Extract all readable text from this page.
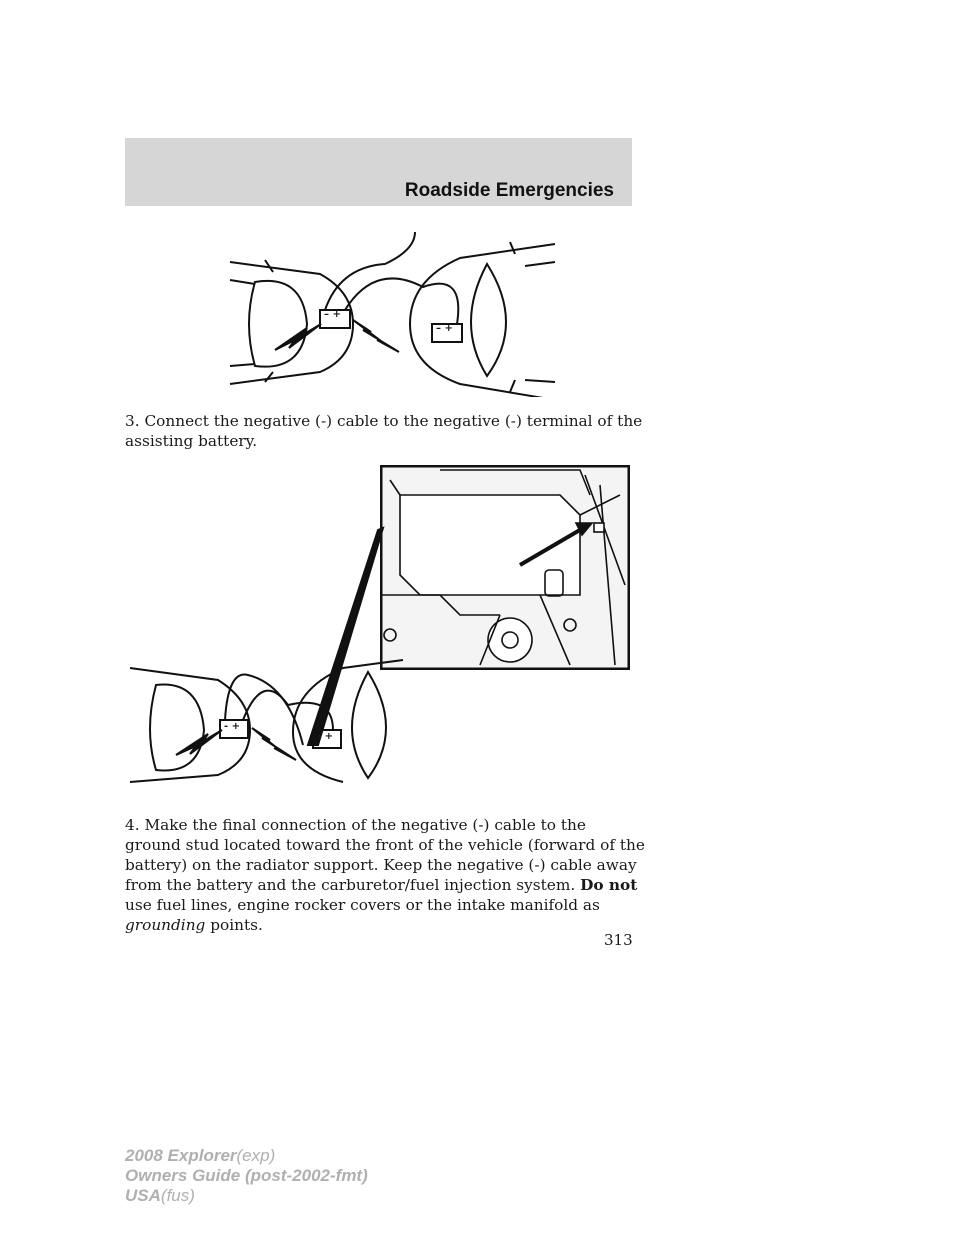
Roadside Emergencies
– +
– +

3. Connect the negative (-) cable to the negative (-) terminal of the assisting battery.

- +
- +

4. Make the final connection of the negative (-) cable to the ground stud located toward the front of the vehicle (forward of the battery) on the radiator support. Keep the negative (-) cable away from the battery and the carburetor/fuel injection system. Do not use fuel lines, engine rocker covers or the intake manifold as grounding points.

313
2008 Explorer(exp)
Owners Guide (post-2002-fmt)
USA(fus)
